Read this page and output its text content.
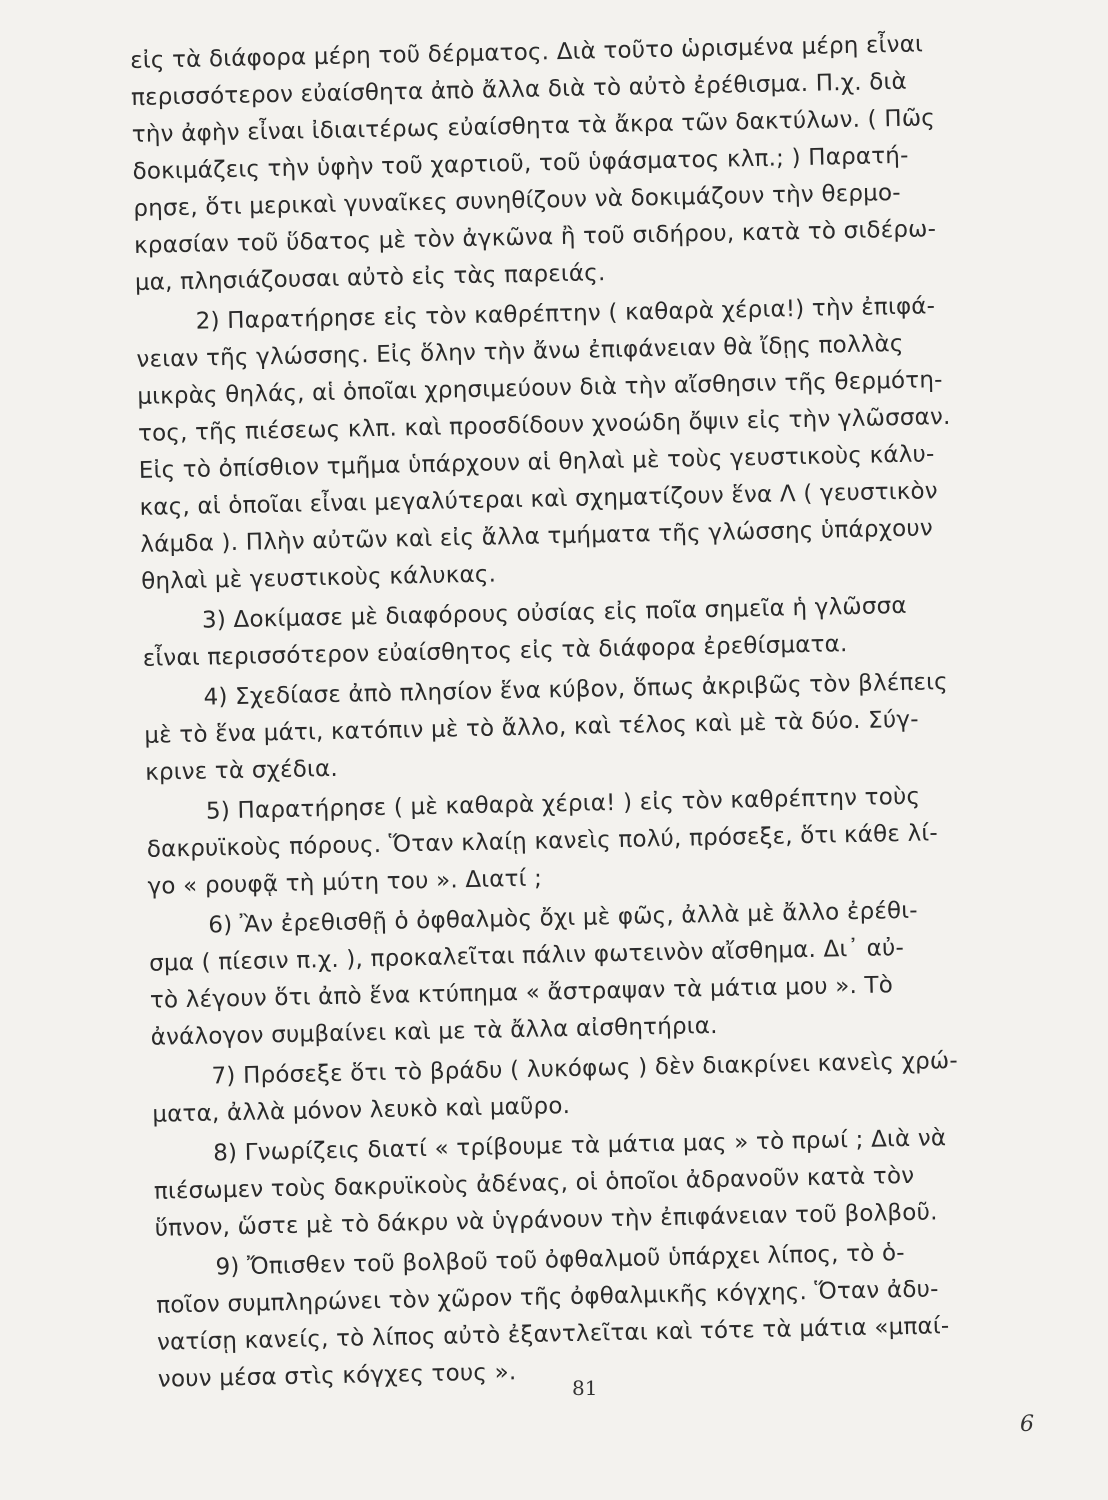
εἰς τὰ διάφορα μέρη τοῦ δέρματος. Διὰ τοῦτο ὡρισμένα μέρη εἶναι
περισσότερον εὐαίσθητα ἀπὸ ἄλλα διὰ τὸ αὐτὸ ἐρέθισμα. Π.χ. διὰ
τὴν ἀφὴν εἶναι ἰδιαιτέρως εὐαίσθητα τὰ ἄκρα τῶν δακτύλων. ( Πῶς
δοκιμάζεις τὴν ὑφὴν τοῦ χαρτιοῦ, τοῦ ὑφάσματος κλπ.; ) Παρατή-
ρησε, ὅτι μερικαὶ γυναῖκες συνηθίζουν νὰ δοκιμάζουν τὴν θερμο-
κρασίαν τοῦ ὕδατος μὲ τὸν ἀγκῶνα ἢ τοῦ σιδήρου, κατὰ τὸ σιδέρω-
μα, πλησιάζουσαι αὐτὸ εἰς τὰς παρειάς.
2) Παρατήρησε εἰς τὸν καθρέπτην ( καθαρὰ χέρια!) τὴν ἐπιφά-
νειαν τῆς γλώσσης. Εἰς ὅλην τὴν ἄνω ἐπιφάνειαν θὰ ἴδῃς πολλὰς
μικρὰς θηλάς, αἱ ὁποῖαι χρησιμεύουν διὰ τὴν αἴσθησιν τῆς θερμότη-
τος, τῆς πιέσεως κλπ. καὶ προσδίδουν χνοώδη ὄψιν εἰς τὴν γλῶσσαν.
Εἰς τὸ ὀπίσθιον τμῆμα ὑπάρχουν αἱ θηλαὶ μὲ τοὺς γευστικοὺς κάλυ-
κας, αἱ ὁποῖαι εἶναι μεγαλύτεραι καὶ σχηματίζουν ἕνα Λ ( γευστικὸν
λάμδα ). Πλὴν αὐτῶν καὶ εἰς ἄλλα τμήματα τῆς γλώσσης ὑπάρχουν
θηλαὶ μὲ γευστικοὺς κάλυκας.
3) Δοκίμασε μὲ διαφόρους οὐσίας εἰς ποῖα σημεῖα ἡ γλῶσσα
εἶναι περισσότερον εὐαίσθητος εἰς τὰ διάφορα ἐρεθίσματα.
4) Σχεδίασε ἀπὸ πλησίον ἕνα κύβον, ὅπως ἀκριβῶς τὸν βλέπεις
μὲ τὸ ἕνα μάτι, κατόπιν μὲ τὸ ἄλλο, καὶ τέλος καὶ μὲ τὰ δύο. Σύγ-
κρινε τὰ σχέδια.
5) Παρατήρησε ( μὲ καθαρὰ χέρια! ) εἰς τὸν καθρέπτην τοὺς
δακρυϊκοὺς πόρους. Ὅταν κλαίῃ κανεὶς πολύ, πρόσεξε, ὅτι κάθε λί-
γο « ρουφᾷ τὴ μύτη του ». Διατί ;
6) Ἂν ἐρεθισθῇ ὁ ὀφθαλμὸς ὄχι μὲ φῶς, ἀλλὰ μὲ ἄλλο ἐρέθι-
σμα ( πίεσιν π.χ. ), προκαλεῖται πάλιν φωτεινὸν αἴσθημα. Δι᾽ αὐ-
τὸ λέγουν ὅτι ἀπὸ ἕνα κτύπημα « ἄστραψαν τὰ μάτια μου ». Τὸ
ἀνάλογον συμβαίνει καὶ με τὰ ἄλλα αἰσθητήρια.
7) Πρόσεξε ὅτι τὸ βράδυ ( λυκόφως ) δὲν διακρίνει κανεὶς χρώ-
ματα, ἀλλὰ μόνον λευκὸ καὶ μαῦρο.
8) Γνωρίζεις διατί « τρίβουμε τὰ μάτια μας » τὸ πρωί ; Διὰ νὰ
πιέσωμεν τοὺς δακρυϊκοὺς ἀδένας, οἱ ὁποῖοι ἀδρανοῦν κατὰ τὸν
ὕπνον, ὥστε μὲ τὸ δάκρυ νὰ ὑγράνουν τὴν ἐπιφάνειαν τοῦ βολβοῦ.
9) Ὄπισθεν τοῦ βολβοῦ τοῦ ὀφθαλμοῦ ὑπάρχει λίπος, τὸ ὁ-
ποῖον συμπληρώνει τὸν χῶρον τῆς ὀφθαλμικῆς κόγχης. Ὅταν ἀδυ-
νατίσῃ κανείς, τὸ λίπος αὐτὸ ἐξαντλεῖται καὶ τότε τὰ μάτια «μπαί-
νουν μέσα στὶς κόγχες τους ».	81
6
